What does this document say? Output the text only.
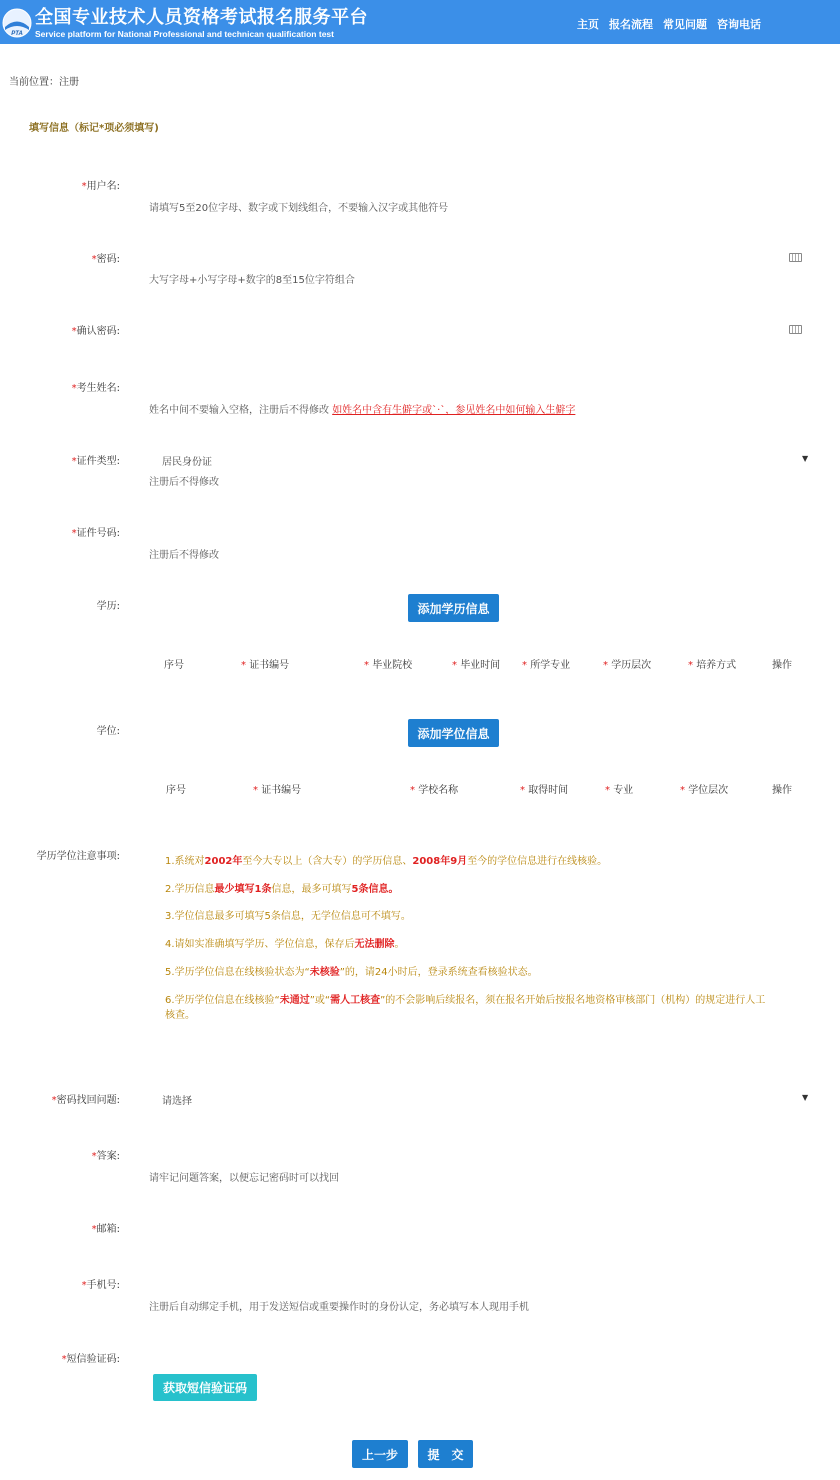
PTA
全国专业技术人员资格考试报名服务平台
Service platform for National Professional and technican qualification test
主页 报名流程 常见问题 咨询电话
当前位置：注册
填写信息（标记*项必须填写)
*用户名:
请填写5至20位字母、数字或下划线组合，不要输入汉字或其他符号
*密码:
大写字母+小写字母+数字的8至15位字符组合
*确认密码:
*考生姓名:
姓名中间不要输入空格，注册后不得修改 如姓名中含有生僻字或`·`，参见姓名中如何输入生僻字
*证件类型:	居民身份证	▼
注册后不得修改
*证件号码:
注册后不得修改
学历:	添加学历信息
序号	* 证书编号	* 毕业院校	* 毕业时间 * 所学专业	* 学历层次	* 培养方式	操作
学位:	添加学位信息
序号	* 证书编号	* 学校名称	* 取得时间	* 专业	* 学位层次	操作
学历学位注意事项:	1.系统对2002年至今大专以上（含大专）的学历信息、2008年9月至今的学位信息进行在线核验。
2.学历信息最少填写1条信息，最多可填写5条信息。
3.学位信息最多可填写5条信息，无学位信息可不填写。
4.请如实准确填写学历、学位信息，保存后无法删除。
5.学历学位信息在线核验状态为“未核验”的，请24小时后，登录系统查看核验状态。
6.学历学位信息在线核验“未通过”或“需人工核查”的不会影响后续报名，须在报名开始后按报名地资格审核部门（机构）的规定进行人工
核查。
*密码找回问题:	请选择	▼
*答案:
请牢记问题答案，以便忘记密码时可以找回
*邮箱:
*手机号:
注册后自动绑定手机，用于发送短信或重要操作时的身份认定，务必填写本人现用手机
*短信验证码:
获取短信验证码
上一步	提　交
